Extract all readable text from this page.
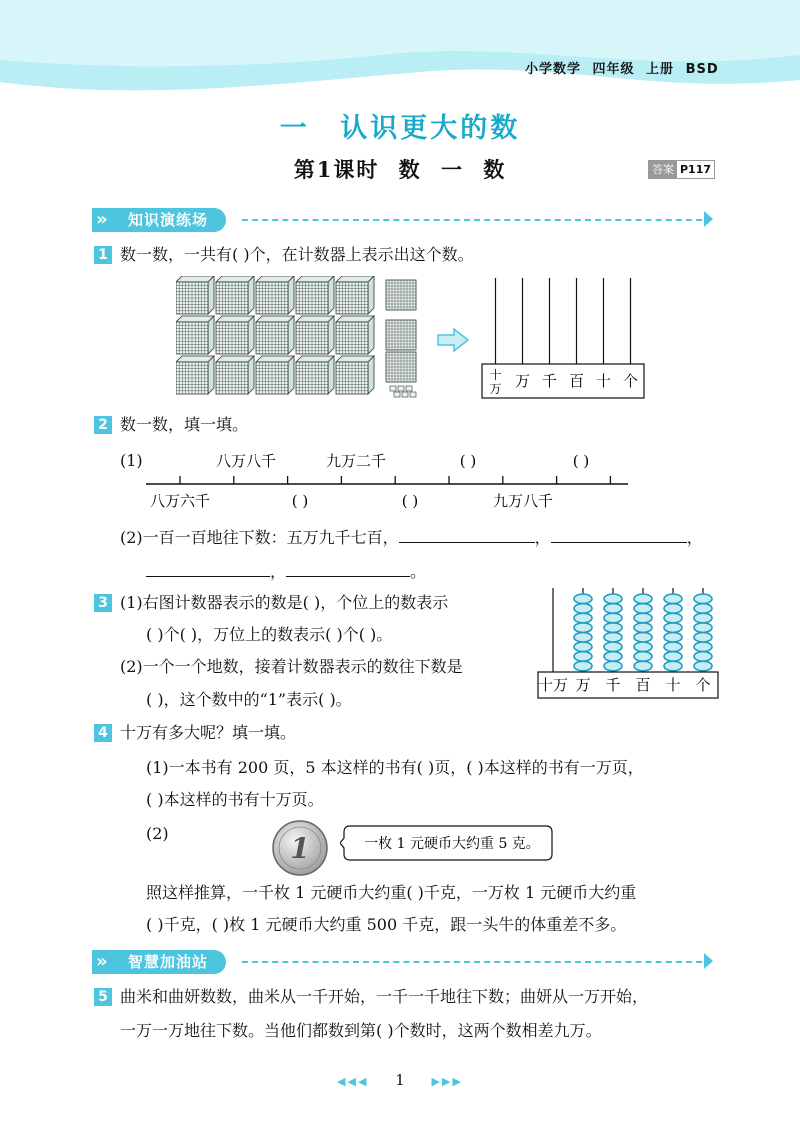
小学数学 四年级 上册 BSD
一 认识更大的数
第1课时 数 一 数	答案 P117
知识演练场
»
1 数一数，一共有( )个，在计数器上表示出这个数。
十
万 万 千 百 十 个
2 数一数，填一填。
(1)	八万八千	九万二千	( )	( )
八万六千	( )	( )	九万八千
(2)一百一百地往下数：五万九千七百，	，	，
，	。
3 (1)右图计数器表示的数是( )，个位上的数表示
( )个( )，万位上的数表示( )个( )。
(2)一个一个地数，接着计数器表示的数往下数是
( )，这个数中的“1”表示( )。
十万 万 千 百 十 个
4 十万有多大呢？填一填。
(1)一本书有 200 页，5 本这样的书有( )页，( )本这样的书有一万页，
( )本这样的书有十万页。
(2)	1	一枚 1 元硬币大约重 5 克。
照这样推算，一千枚 1 元硬币大约重( )千克，一万枚 1 元硬币大约重
( )千克，( )枚 1 元硬币大约重 500 千克，跟一头牛的体重差不多。
智慧加油站
»
5 曲米和曲妍数数，曲米从一千开始，一千一千地往下数；曲妍从一万开始，
一万一万地往下数。当他们都数到第( )个数时，这两个数相差九万。
◀◀◀ 1 ▶▶▶
